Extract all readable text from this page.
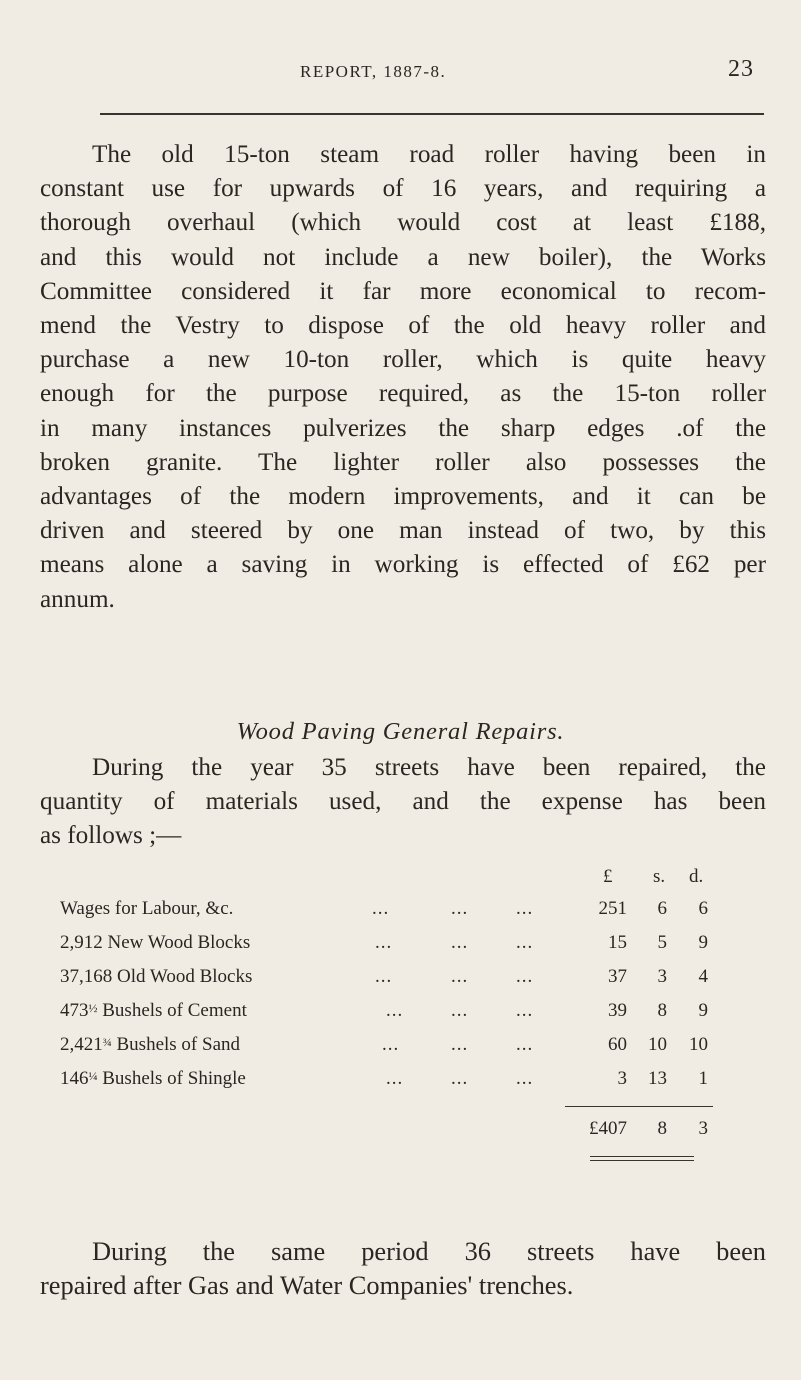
REPORT, 1887-8.	23
The old 15-ton steam road roller having been in
constant use for upwards of 16 years, and requiring a
thorough overhaul (which would cost at least £188,
and this would not include a new boiler), the Works
Committee considered it far more economical to recom-
mend the Vestry to dispose of the old heavy roller and
purchase a new 10-ton roller, which is quite heavy
enough for the purpose required, as the 15-ton roller
in many instances pulverizes the sharp edges .of the
broken granite. The lighter roller also possesses the
advantages of the modern improvements, and it can be
driven and steered by one man instead of two, by this
means alone a saving in working is effected of £62 per
annum.
Wood Paving General Repairs.
During the year 35 streets have been repaired, the
quantity of materials used, and the expense has been
as follows ;—
£ s. d.
Wages for Labour, &c.	...	...	...	251	6	6
2,912 New Wood Blocks	...	...	...	15	5	9
37,168 Old Wood Blocks	...	...	...	37	3	4
$473^{\frac{1}{2}}$ Bushels of Cement	...	...	...	39	8	9
$2,421^{\frac{3}{4}}$ Bushels of Sand	...	...	...	60	10	10
$146^{\frac{1}{4}}$ Bushels of Shingle	...	...	...	3	13	1
£407	8	3
During the same period 36 streets have been
repaired after Gas and Water Companies' trenches.
